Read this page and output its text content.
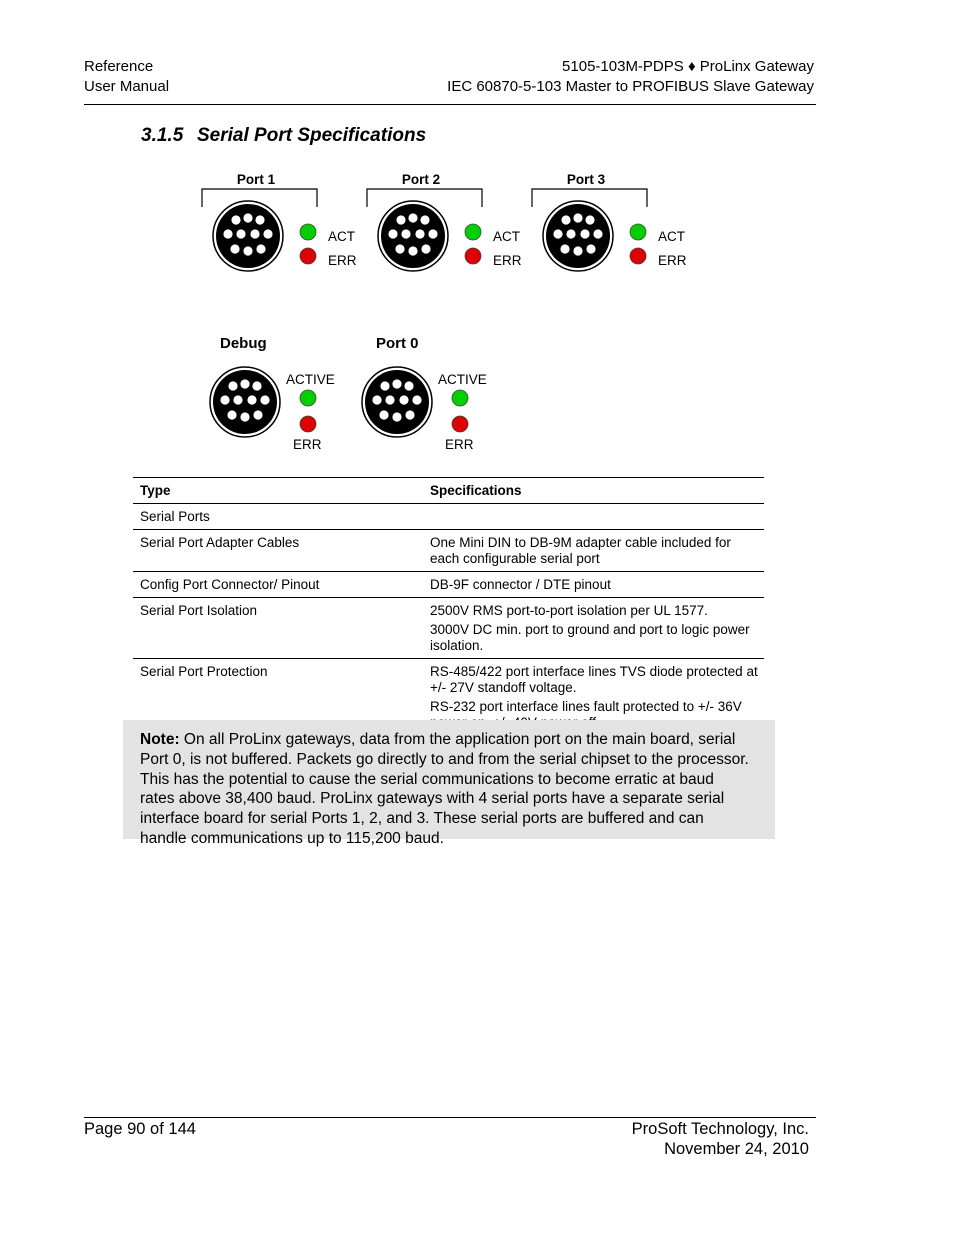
Reference
User Manual
5105-103M-PDPS ♦ ProLinx Gateway
IEC 60870-5-103 Master to PROFIBUS Slave Gateway
3.1.5 Serial Port Specifications
Port 1
ACT
ERR
Port 2
ACT
ERR
Port 3
ACT
ERR
Debug
ACTIVE
ERR
Port 0
ACTIVE
ERR
Type	Specifications
Serial Ports	
Serial Port Adapter Cables	One Mini DIN to DB-9M adapter cable included for each configurable serial port
Config Port Connector/ Pinout	DB-9F connector / DTE pinout
Serial Port Isolation	2500V RMS port-to-port isolation per UL 1577.

3000V DC min. port to ground and port to logic power isolation.

Serial Port Protection	RS-485/422 port interface lines TVS diode protected at +/- 27V standoff voltage.

RS-232 port interface lines fault protected to +/- 36V

Note: On all ProLinx gateways, data from the application port on the main board, serial Port 0, is not buffered. Packets go directly to and from the serial chipset to the processor. This has the potential to cause the serial communications to become erratic at baud rates above 38,400 baud. ProLinx gateways with 4 serial ports have a separate serial interface board for serial Ports 1, 2, and 3. These serial ports are buffered and can handle communications up to 115,200 baud.
Page 90 of 144	ProSoft Technology, Inc.
November 24, 2010
